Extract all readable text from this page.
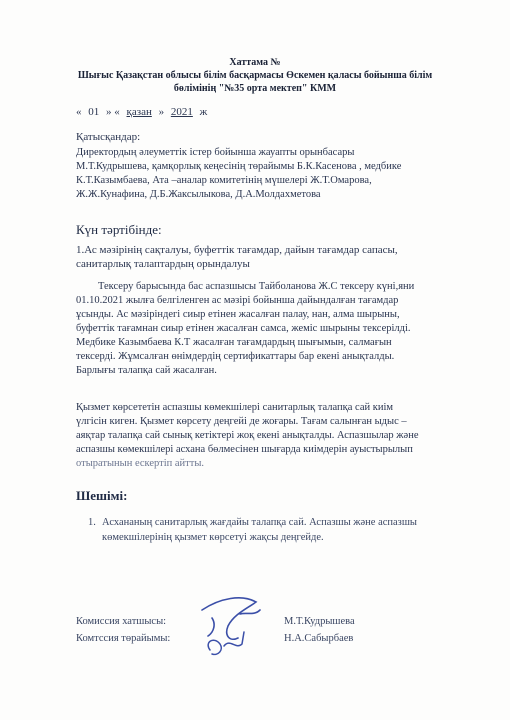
Хаттама №
Шығыс Қазақстан облысы білім басқармасы Өскемен қаласы бойынша білім
бөлімінің "№35 орта мектеп" КММ
« 01 » « қазан » 2021 ж
Қатысқандар:

Директордың әлеуметтік істер бойынша жауапты орынбасары

М.Т.Кудрышева, қамқорлық кеңесінің төрайымы Б.К.Касенова , медбике

К.Т.Казымбаева, Ата –аналар комитетінің мүшелері Ж.Т.Омарова,

Ж.Ж.Кунафина, Д.Б.Жаксылыкова, Д.А.Молдахметова

Күн тәртібінде:

1.Ас мәзірінің сақталуы, буфеттік тағамдар, дайын тағамдар сапасы,

санитарлық талаптардың орындалуы

Тексеру барысында бас аспазшысы Тайболанова Ж.С тексеру күні,яни

01.10.2021 жылға белгіленген ас мәзірі бойынша дайындалған тағамдар

ұсынды. Ас мәзіріндегі сиыр етінен жасалған палау, нан, алма шырыны,

буфеттік тағамнан сиыр етінен жасалған самса, жеміс шырыны тексерілді.

Медбике Казымбаева К.Т жасалған тағамдардың шығымын, салмағын

тексерді. Жұмсалған өнімдердің сертификаттары бар екені анықталды.

Барлығы талапқа сай жасалған.

Қызмет көрсететін аспазшы көмекшілері санитарлық талапқа сай киім

үлгісін киген. Қызмет көрсету деңгейі де жоғары. Тағам салынған ыдыс –

аяқтар талапқа сай сынық кетіктері жоқ екені анықталды. Аспазшылар және

аспазшы көмекшілері асхана бөлмесінен шығарда киімдерін ауыстырылып

отыратынын ескертіп айтты.

Шешімі:
1. Асхананың санитарлық жағдайы талапқа сай. Аспазшы және аспазшы көмекшілерінің қызмет көрсетуі жақсы деңгейде.
Комиссия хатшысы:	М.Т.Кудрышева
Комтссия төрайымы:	Н.А.Сабырбаев
